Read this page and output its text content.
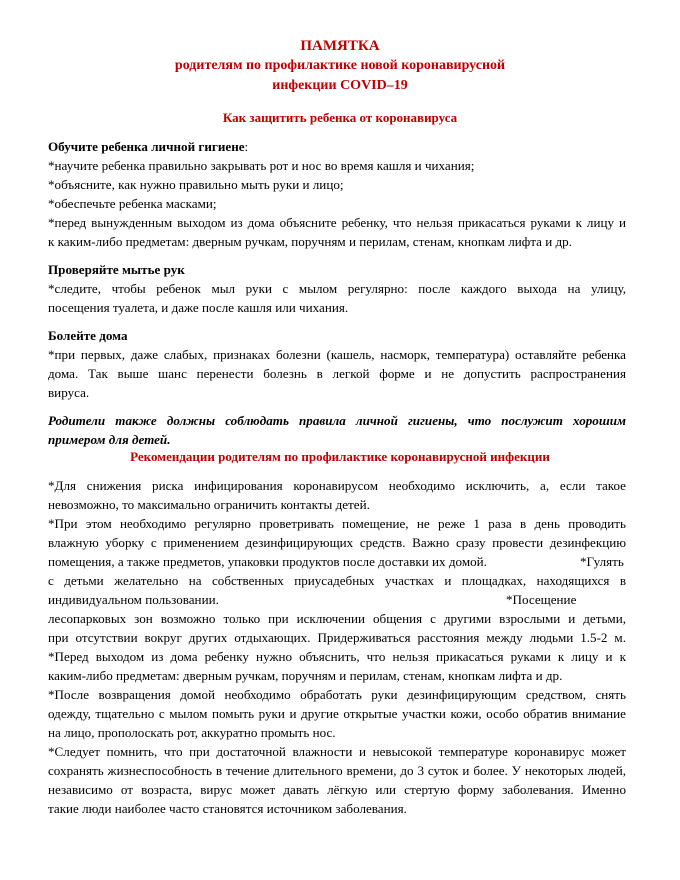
ПАМЯТКА
родителям по профилактике новой коронавирусной
инфекции COVID–19
Как защитить ребенка от коронавируса
Обучите ребенка личной гигиене:
*научите ребенка правильно закрывать рот и нос во время кашля и чихания;
*объясните, как нужно правильно мыть руки и лицо;
*обеспечьте ребенка масками;
*перед вынужденным выходом из дома объясните ребенку, что нельзя прикасаться руками к лицу и
к каким-либо предметам: дверным ручкам, поручням и перилам, стенам, кнопкам лифта и др.
Проверяйте мытье рук
*следите, чтобы ребенок мыл руки с мылом регулярно: после каждого выхода на улицу,
посещения туалета, и даже после кашля или чихания.
Болейте дома
*при первых, даже слабых, признаках болезни (кашель, насморк, температура) оставляйте ребенка
дома. Так выше шанс перенести болезнь в легкой форме и не допустить распространения
вируса.
Родители также должны соблюдать правила личной гигиены, что послужит хорошим
примером для детей.
Рекомендации родителям по профилактике коронавирусной инфекции
*Для снижения риска инфицирования коронавирусом необходимо исключить, а, если такое
невозможно, то максимально ограничить контакты детей.
*При этом необходимо регулярно проветривать помещение, не реже 1 раза в день проводить
влажную уборку с применением дезинфицирующих средств. Важно сразу провести дезинфекцию
помещения, а также предметов, упаковки продуктов после доставки их домой.	*Гулять
с детьми желательно на собственных приусадебных участках и площадках, находящихся в
индивидуальном пользовании.	*Посещение
лесопарковых зон возможно только при исключении общения с другими взрослыми и детьми,
при отсутствии вокруг других отдыхающих. Придерживаться расстояния между людьми 1.5-2 м.
*Перед выходом из дома ребенку нужно объяснить, что нельзя прикасаться руками к лицу и к
каким-либо предметам: дверным ручкам, поручням и перилам, стенам, кнопкам лифта и др.
*После возвращения домой необходимо обработать руки дезинфицирующим средством, снять
одежду, тщательно с мылом помыть руки и другие открытые участки кожи, особо обратив внимание
на лицо, прополоскать рот, аккуратно промыть нос.
*Следует помнить, что при достаточной влажности и невысокой температуре коронавирус может
сохранять жизнеспособность в течение длительного времени, до 3 суток и более. У некоторых людей,
независимо от возраста, вирус может давать лёгкую или стертую форму заболевания. Именно
такие люди наиболее часто становятся источником заболевания.
